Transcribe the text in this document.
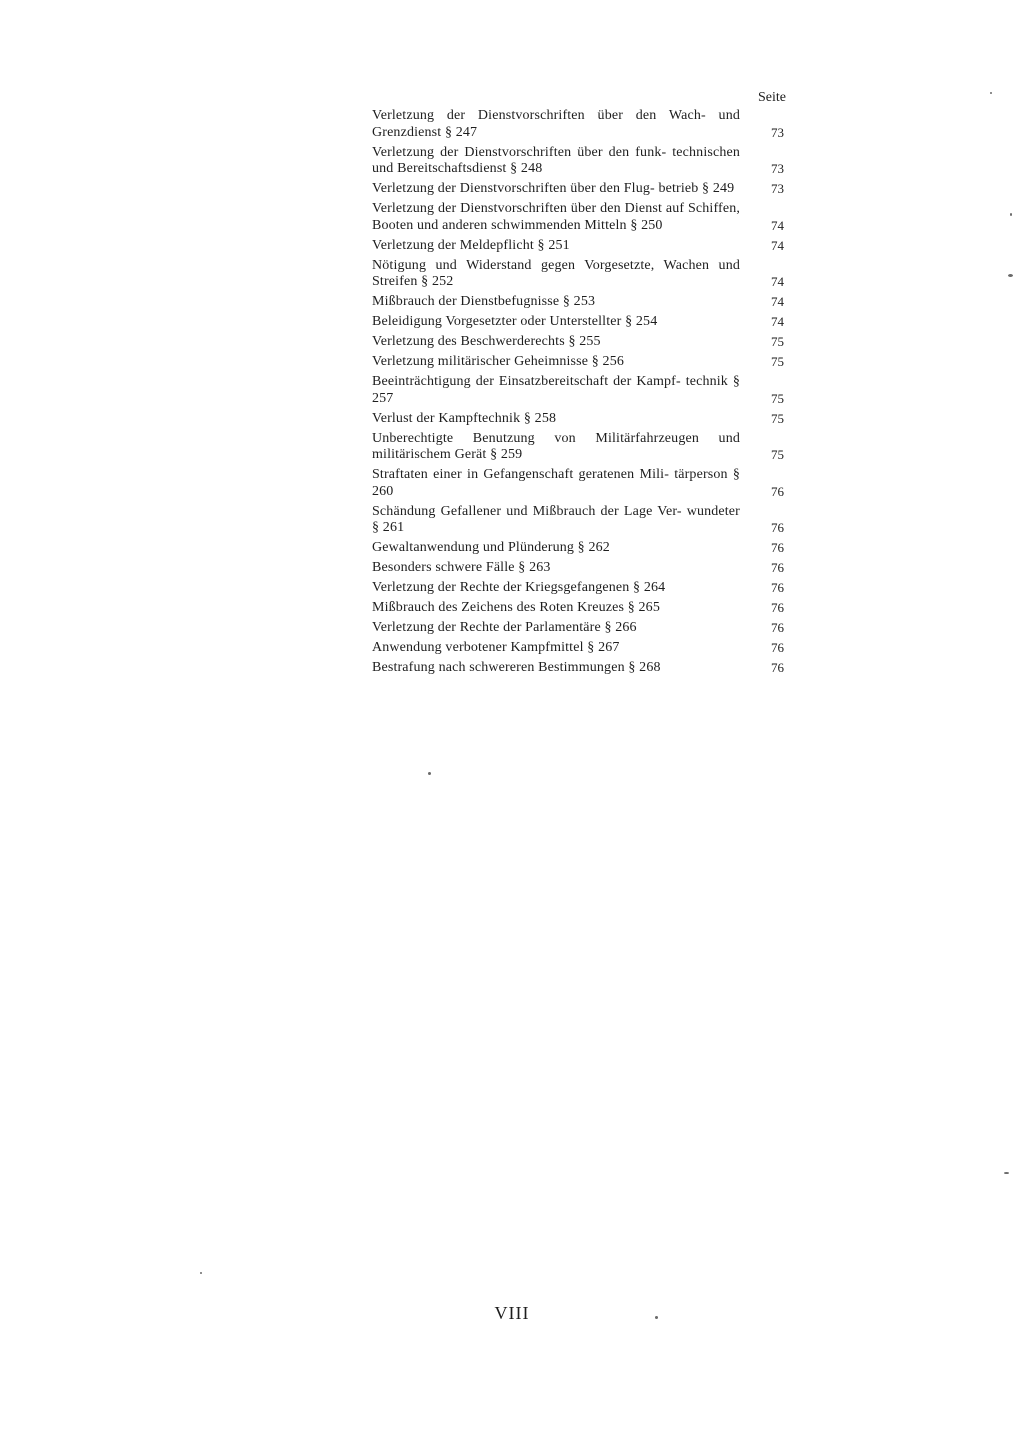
Seite
Verletzung der Dienstvorschriften über den Wach- und Grenzdienst § 247	73
Verletzung der Dienstvorschriften über den funk- technischen und Bereitschaftsdienst § 248	73
Verletzung der Dienstvorschriften über den Flug- betrieb § 249	73
Verletzung der Dienstvorschriften über den Dienst auf Schiffen, Booten und anderen schwimmenden Mitteln § 250	74
Verletzung der Meldepflicht § 251	74
Nötigung und Widerstand gegen Vorgesetzte, Wachen und Streifen § 252	74
Mißbrauch der Dienstbefugnisse § 253	74
Beleidigung Vorgesetzter oder Unterstellter § 254	74
Verletzung des Beschwerderechts § 255	75
Verletzung militärischer Geheimnisse § 256	75
Beeinträchtigung der Einsatzbereitschaft der Kampf- technik § 257	75
Verlust der Kampftechnik § 258	75
Unberechtigte Benutzung von Militärfahrzeugen und militärischem Gerät § 259	75
Straftaten einer in Gefangenschaft geratenen Mili- tärperson § 260	76
Schändung Gefallener und Mißbrauch der Lage Ver- wundeter § 261	76
Gewaltanwendung und Plünderung § 262	76
Besonders schwere Fälle § 263	76
Verletzung der Rechte der Kriegsgefangenen § 264	76
Mißbrauch des Zeichens des Roten Kreuzes § 265	76
Verletzung der Rechte der Parlamentäre § 266	76
Anwendung verbotener Kampfmittel § 267	76
Bestrafung nach schwereren Bestimmungen § 268	76
VIII
